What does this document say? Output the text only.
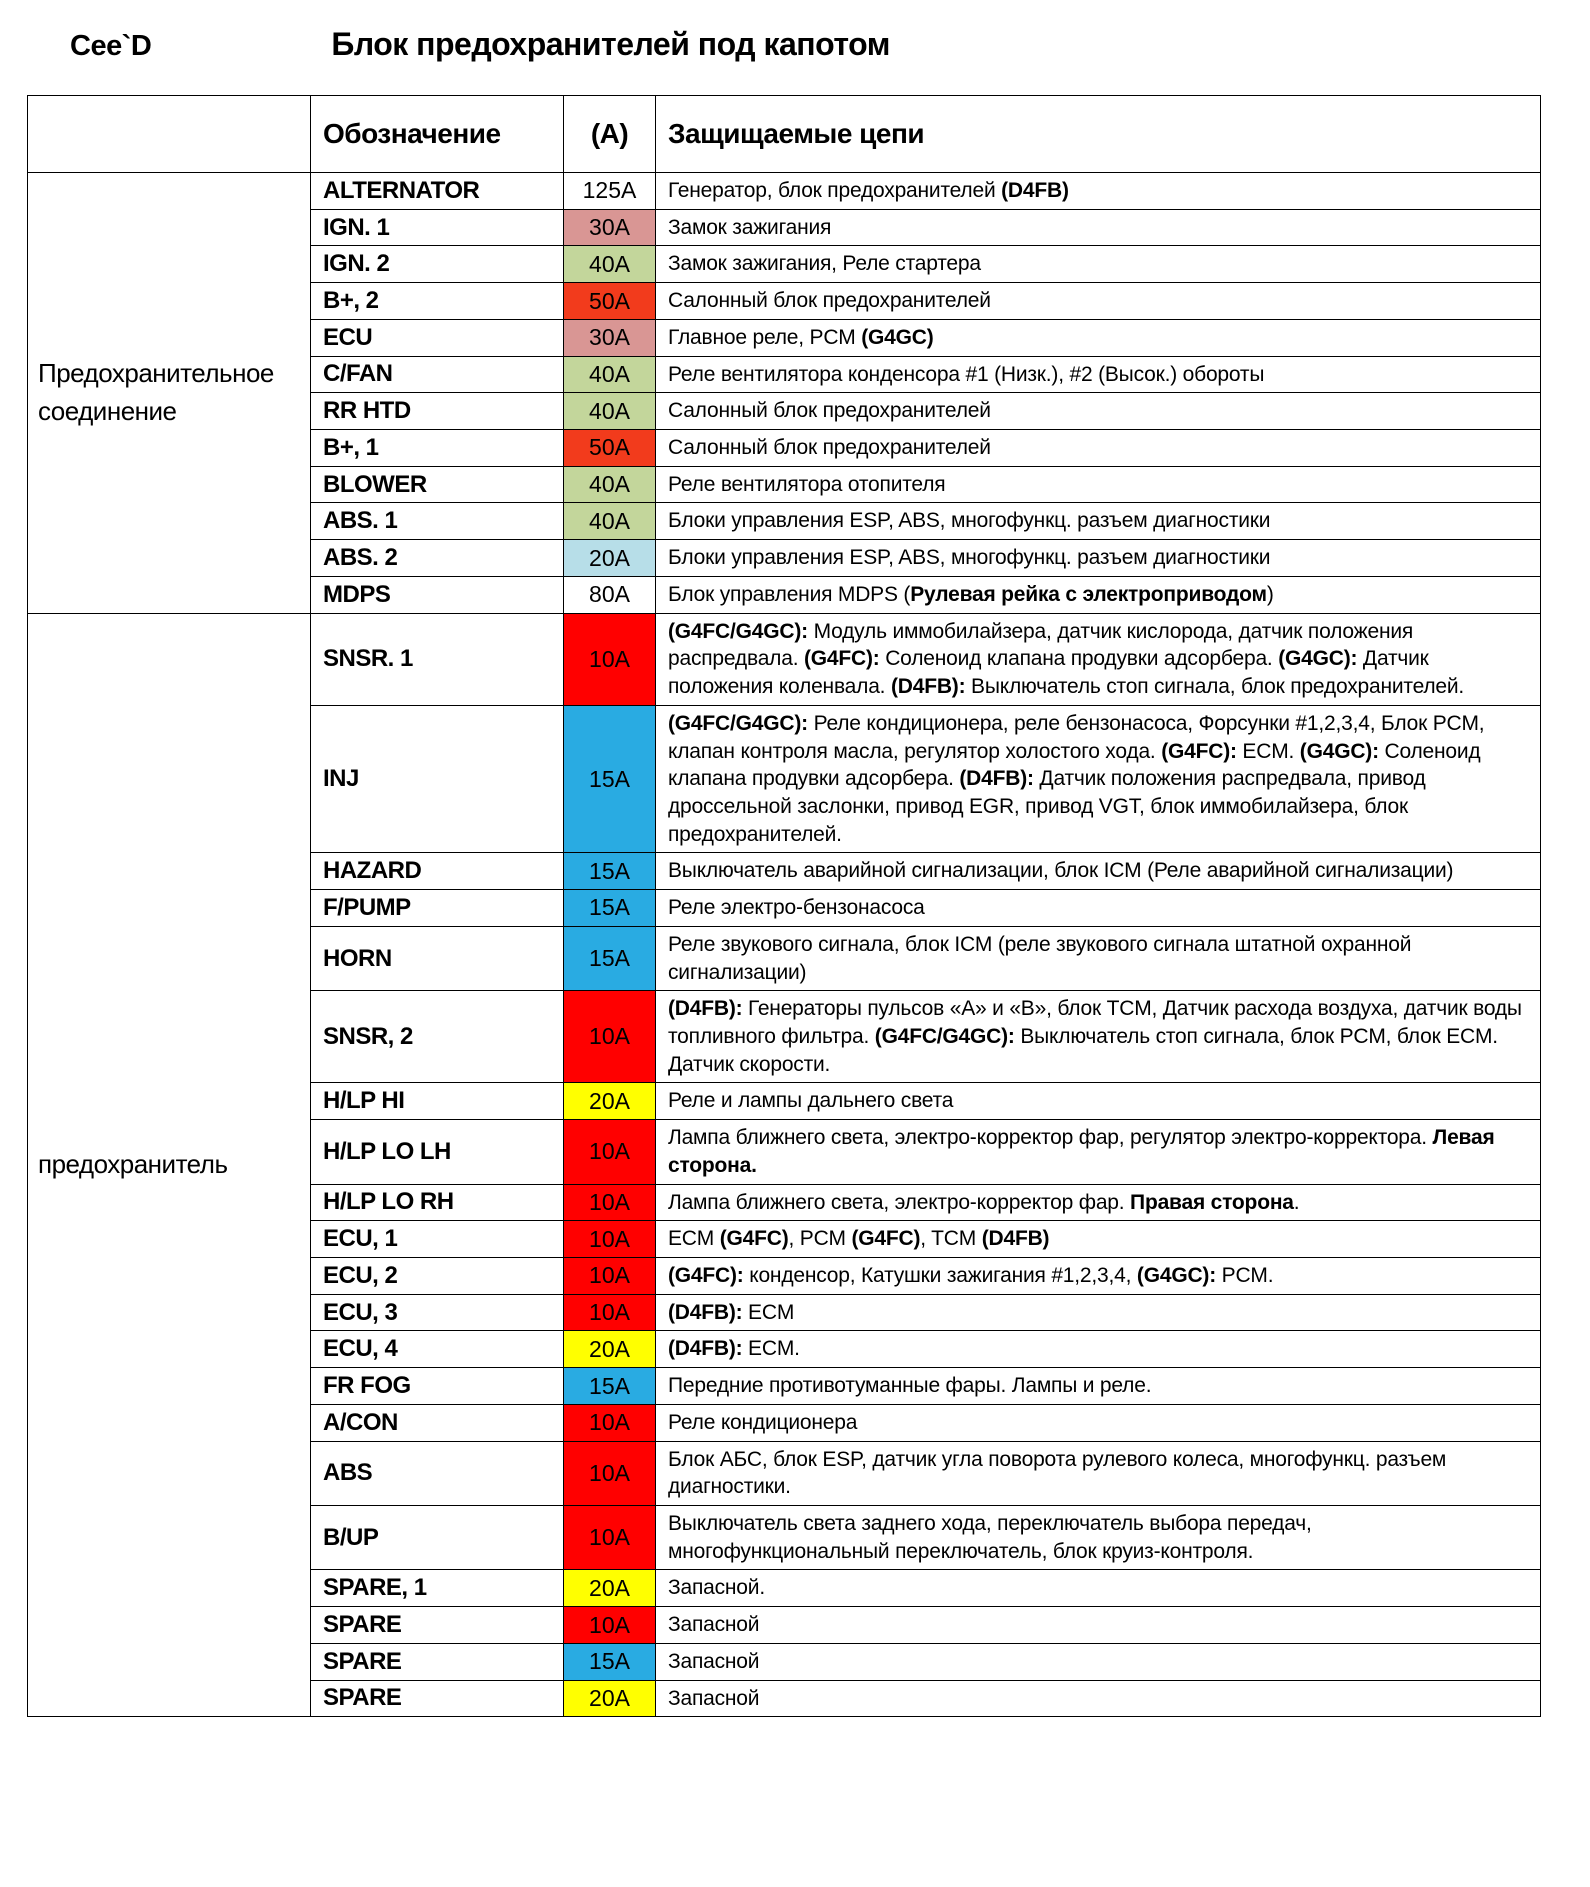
Cee`D	Блок предохранителей под капотом
	Обозначение	(A)	Защищаемые цепи
Предохранительное соединение	ALTERNATOR	125A	Генератор, блок предохранителей (D4FB)
	IGN. 1	30A	Замок зажигания
	IGN. 2	40A	Замок зажигания, Реле стартера
	B+, 2	50A	Салонный блок предохранителей
	ECU	30A	Главное реле, PCM (G4GC)
	C/FAN	40A	Реле вентилятора конденсора #1 (Низк.), #2 (Высок.) обороты
	RR HTD	40A	Салонный блок предохранителей
	B+, 1	50A	Салонный блок предохранителей
	BLOWER	40A	Реле вентилятора отопителя
	ABS. 1	40A	Блоки управления ESP, ABS, многофункц. разъем диагностики
	ABS. 2	20A	Блоки управления ESP, ABS, многофункц. разъем диагностики
	MDPS	80A	Блок управления MDPS (Рулевая рейка с электроприводом)
предохранитель	SNSR. 1	10A	(G4FC/G4GC): Модуль иммобилайзера, датчик кислорода, датчик положения распредвала. (G4FC): Соленоид клапана продувки адсорбера. (G4GC): Датчик положения коленвала. (D4FB): Выключатель стоп сигнала, блок предохранителей.
	INJ	15A	(G4FC/G4GC): Реле кондиционера, реле бензонасоса, Форсунки #1,2,3,4, Блок PCM, клапан контроля масла, регулятор холостого хода. (G4FC): ECM. (G4GC): Соленоид клапана продувки адсорбера. (D4FB): Датчик положения распредвала, привод дроссельной заслонки, привод EGR, привод VGT, блок иммобилайзера, блок предохранителей.
	HAZARD	15A	Выключатель аварийной сигнализации, блок ICM (Реле аварийной сигнализации)
	F/PUMP	15A	Реле электро-бензонасоса
	HORN	15A	Реле звукового сигнала, блок ICM (реле звукового сигнала штатной охранной сигнализации)
	SNSR, 2	10A	(D4FB): Генераторы пульсов «А» и «В», блок TCM, Датчик расхода воздуха, датчик воды топливного фильтра. (G4FC/G4GC): Выключатель стоп сигнала, блок PCM, блок ECM. Датчик скорости.
	H/LP HI	20A	Реле и лампы дальнего света
	H/LP LO LH	10A	Лампа ближнего света, электро-корректор фар, регулятор электро-корректора. Левая сторона.
	H/LP LO RH	10A	Лампа ближнего света, электро-корректор фар. Правая сторона.
	ECU, 1	10A	ECM (G4FC), PCM (G4FC), TCM (D4FB)
	ECU, 2	10A	(G4FC): конденсор, Катушки зажигания #1,2,3,4, (G4GC): PCM.
	ECU, 3	10A	(D4FB): ECM
	ECU, 4	20A	(D4FB): ECM.
	FR FOG	15A	Передние противотуманные фары. Лампы и реле.
	A/CON	10A	Реле кондиционера
	ABS	10A	Блок АБС, блок ESP, датчик угла поворота рулевого колеса, многофункц. разъем диагностики.
	B/UP	10A	Выключатель света заднего хода, переключатель выбора передач, многофункциональный переключатель, блок круиз-контроля.
	SPARE, 1	20A	Запасной.
	SPARE	10A	Запасной
	SPARE	15A	Запасной
	SPARE	20A	Запасной
